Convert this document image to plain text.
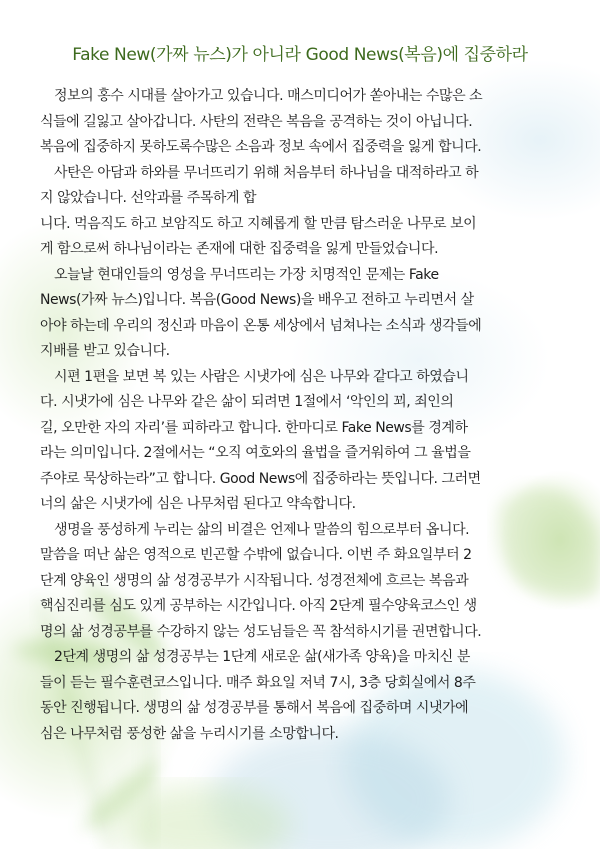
Fake New(가짜 뉴스)가 아니라 Good News(복음)에 집중하라

정보의 홍수 시대를 살아가고 있습니다. 매스미디어가 쏟아내는 수많은 소
식들에 길잃고 살아갑니다. 사탄의 전략은 복음을 공격하는 것이 아닙니다.
복음에 집중하지 못하도록수많은 소음과 정보 속에서 집중력을 잃게 합니다.

사탄은 아담과 하와를 무너뜨리기 위해 처음부터 하나님을 대적하라고 하
지 않았습니다. 선악과를 주목하게 합
니다. 먹음직도 하고 보암직도 하고 지혜롭게 할 만큼 탐스러운 나무로 보이
게 함으로써 하나님이라는 존재에 대한 집중력을 잃게 만들었습니다.

오늘날 현대인들의 영성을 무너뜨리는 가장 치명적인 문제는 Fake
News(가짜 뉴스)입니다. 복음(Good News)을 배우고 전하고 누리면서 살
아야 하는데 우리의 정신과 마음이 온통 세상에서 넘쳐나는 소식과 생각들에
지배를 받고 있습니다.

시편 1편을 보면 복 있는 사람은 시냇가에 심은 나무와 같다고 하였습니
다. 시냇가에 심은 나무와 같은 삶이 되려면 1절에서 ‘악인의 꾀, 죄인의
길, 오만한 자의 자리’를 피하라고 합니다. 한마디로 Fake News를 경계하
라는 의미입니다. 2절에서는 “오직 여호와의 율법을 즐거워하여 그 율법을
주야로 묵상하는라”고 합니다. Good News에 집중하라는 뜻입니다. 그러면
너의 삶은 시냇가에 심은 나무처럼 된다고 약속합니다.

생명을 풍성하게 누리는 삶의 비결은 언제나 말씀의 힘으로부터 옵니다.
말씀을 떠난 삶은 영적으로 빈곤할 수밖에 없습니다. 이번 주 화요일부터 2
단계 양육인 생명의 삶 성경공부가 시작됩니다. 성경전체에 흐르는 복음과
핵심진리를 심도 있게 공부하는 시간입니다. 아직 2단계 필수양육코스인 생
명의 삶 성경공부를 수강하지 않는 성도님들은 꼭 참석하시기를 권면합니다.

2단계 생명의 삶 성경공부는 1단계 새로운 삶(새가족 양육)을 마치신 분
들이 듣는 필수훈련코스입니다. 매주 화요일 저녁 7시, 3층 당회실에서 8주
동안 진행됩니다. 생명의 삶 성경공부를 통해서 복음에 집중하며 시냇가에
심은 나무처럼 풍성한 삶을 누리시기를 소망합니다.
